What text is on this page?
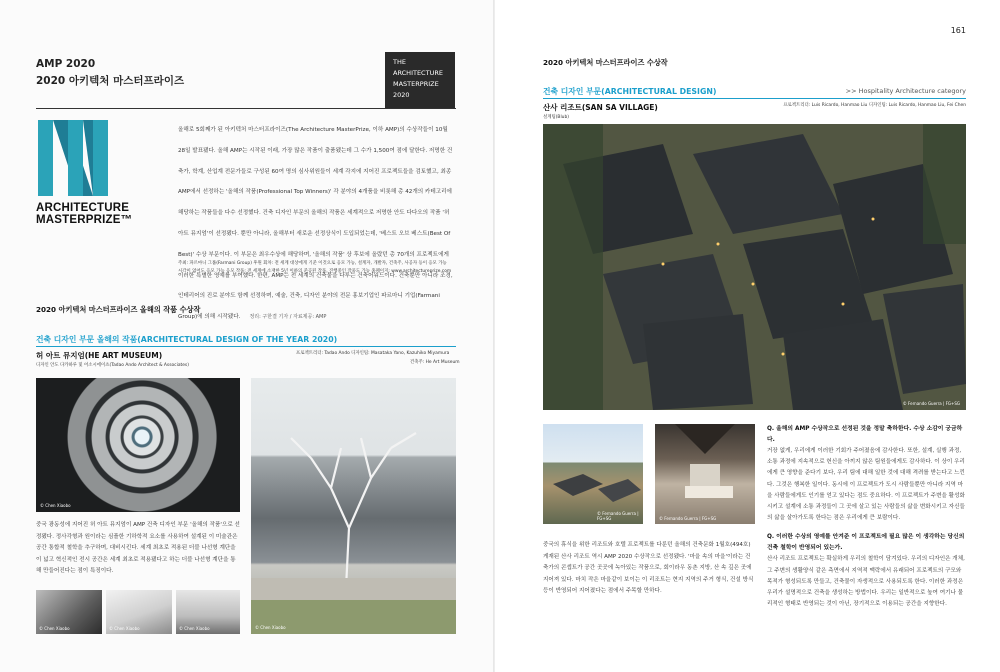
AMP 2020
2020 아키텍처 마스터프라이즈
THE
ARCHITECTURE
MASTERPRIZE
2020
ARCHITECTURE
MASTERPRIZE™
올해로 5회째가 된 아키텍처 마스터프라이즈(The Architecture MasterPrize, 이하 AMP)의 수상작들이 10월 28일 발표됐다. 올해 AMP는 시작된 이래, 가장 많은 작품이 출품됐는데 그 수가 1,500여 점에 달한다. 저명한 건축가, 학계, 산업계 전문가들로 구성된 60여 명의 심사위원들이 세계 각지에 지어진 프로젝트들을 검토했고, 최종 AMP에서 선정하는 '올해의 작품(Professional Top Winners)' 각 분야의 4개품을 비롯해 총 42개의 카테고리에 해당하는 작품들을 다수 선정했다. 건축 디자인 부문의 올해의 작품은 세계적으로 저명한 안도 다다오의 작품 '허 아트 뮤지엄'이 선정됐다. 뿐만 아니라, 올해부터 새로운 선정상식이 도입되었는데, '베스트 오브 베스트(Best Of Best)' 수상 부문이다. 이 부문은 최우수상에 해당하며, '올해의 작품' 상 후보에 올랐던 총 70개의 프로젝트에게 이러한 특별한 영예를 부여했다. 한편, AMP는 전 세계의 건축물을 다루는 건축어워드이다. 건축뿐만 아니라 조경, 인테리어의 진로 분야도 함께 선정하며, 예술, 건축, 디자인 분야의 전문 홍보기업인 파르마니 기업(Farmani Group)에 의해 시작됐다. 정리: 구한결 기자 / 자료제공: AMP
주최: 파르마니 그룹(Farmani Group) 후원 회차: 전 세계 대상에게 기준 이것으로 응모 가능, 설계자, 개발자, 건축주, 사공자 등이 응모 가능
시각이 없어도 응모 가능 응모 작품: 전 세계에 소재한 5년 이하의 준공된 작품, 진행중인 작품도 가능 홈페이지: www.architectureprize.com
2020 아키텍처 마스터프라이즈 올해의 작품 수상작
건축 디자인 부문 올해의 작품(ARCHITECTURAL DESIGN OF THE YEAR 2020)
허 아트 뮤지엄(HE ART MUSEUM)
디자인 안도 다카하루 및 어소시에이츠(Tadao Ando Architect & Associates)
프로젝트리더: Tadao Ando 디자인팀: Masataka Yano, Kazuhiko Miyamura
건축주: He Art Museum
© Chen Xiaobo
© Chen Xiaobo
중국 광동성에 지어진 허 아트 뮤지엄이 AMP 건축 디자인 부문 '올해의 작품'으로 선정됐다. 정사각형과 원이라는 심플한 기하학적 요소를 사용하여 설계된 이 미술관은 공간 통합적 철학을 추구하며, 대비시킨다. 세계 최초로 적용된 더블 나선형 계단을 이 넓고 혁신적인 전시 공간은 세계 최초로 적용됐다고 하는 더블 나선형 계단을 통해 만들어진다는 점이 특징이다.
© Chen Xiaobo	© Chen Xiaobo	© Chen Xiaobo
161
2020 아키텍처 마스터프라이즈 수상작
건축 디자인 부문(ARCHITECTURAL DESIGN)	>> Hospitality Architecture category
산사 리조트(SAN SA VILLAGE)
설계팀(Blub)
프로젝트리더: Luis Ricardo, Hanmao Liu 디자인팀: Luis Ricardo, Hanmao Liu, Fei Chen
© Fernando Guerra | FG+SG
© Fernando Guerra | FG+SG	© Fernando Guerra | FG+SG
중국의 휴식을 위한 리조트와 호텔 프로젝트를 다룬던 올해의 건축문화 1월호(494호) 게재된 산사 리조트 역시 AMP 2020 수상작으로 선정됐다. '마을 속의 마을'이라는 건축가의 콘셉트가 공간 곳곳에 녹아있는 작품으로, 회이라우 동촌 지방, 산 속 깊은 곳에 지어져 있다. 마치 작은 마을같이 보이는 이 리조트는 현지 지역의 주거 형식, 건설 방식 등이 반영되어 지어졌다는 점에서 주목할 만하다.
Q. 올해의 AMP 수상작으로 선정된 것을 정말 축하한다. 수상 소감이 궁금하다.
거장 없게, 우리에게 이러한 기회가 주어졌음에 감사한다. 또한, 설계, 실행 과정, 소통 과정에 지속적으로 헌신을 아끼지 않은 팀원들에게도 감사하다. 이 상이 우리에게 큰 영향을 준다기 보다, 우리 팀에 대해 일한 것에 대해 격려를 받는다고 느낀다. 그것은 행복한 일이다. 동시에 이 프로젝트가 도시 사람들뿐만 아니라 지역 마을 사람들에게도 인기를 얻고 있다는 점도 중요하다. 이 프로젝트가 주변을 활성화 시키고 설계에 소통 과정들이 그 곳에 살고 있는 사람들의 삶을 변화시키고 자신들의 삶을 살아가도록 한다는 점은 우리에게 큰 보람이다.
Q. 이러한 수상의 영예를 안겨준 이 프로젝트에 필요 많은 이 생각하는 당신의 건축 철학이 반영되어 있는가.
산사 리조트 프로젝트는 확실하게 우리의 철학이 담겨있다. 우리의 디자인은 개체, 그 주변의 생활양식 같은 측면에서 지역적 맥락에서 유래되어 프로젝트의 구모와 목적가 형성되도록 만들고, 건축물이 자생적으로 사용되도록 한다. 이러한 과정은 우리가 설명적으로 건축을 생성하는 방법이다. 우리는 일반적으로 높여 여기나 물리적인 형태로 반영되는 것이 아닌, 장기적으로 이용되는 공간을 지향한다.
